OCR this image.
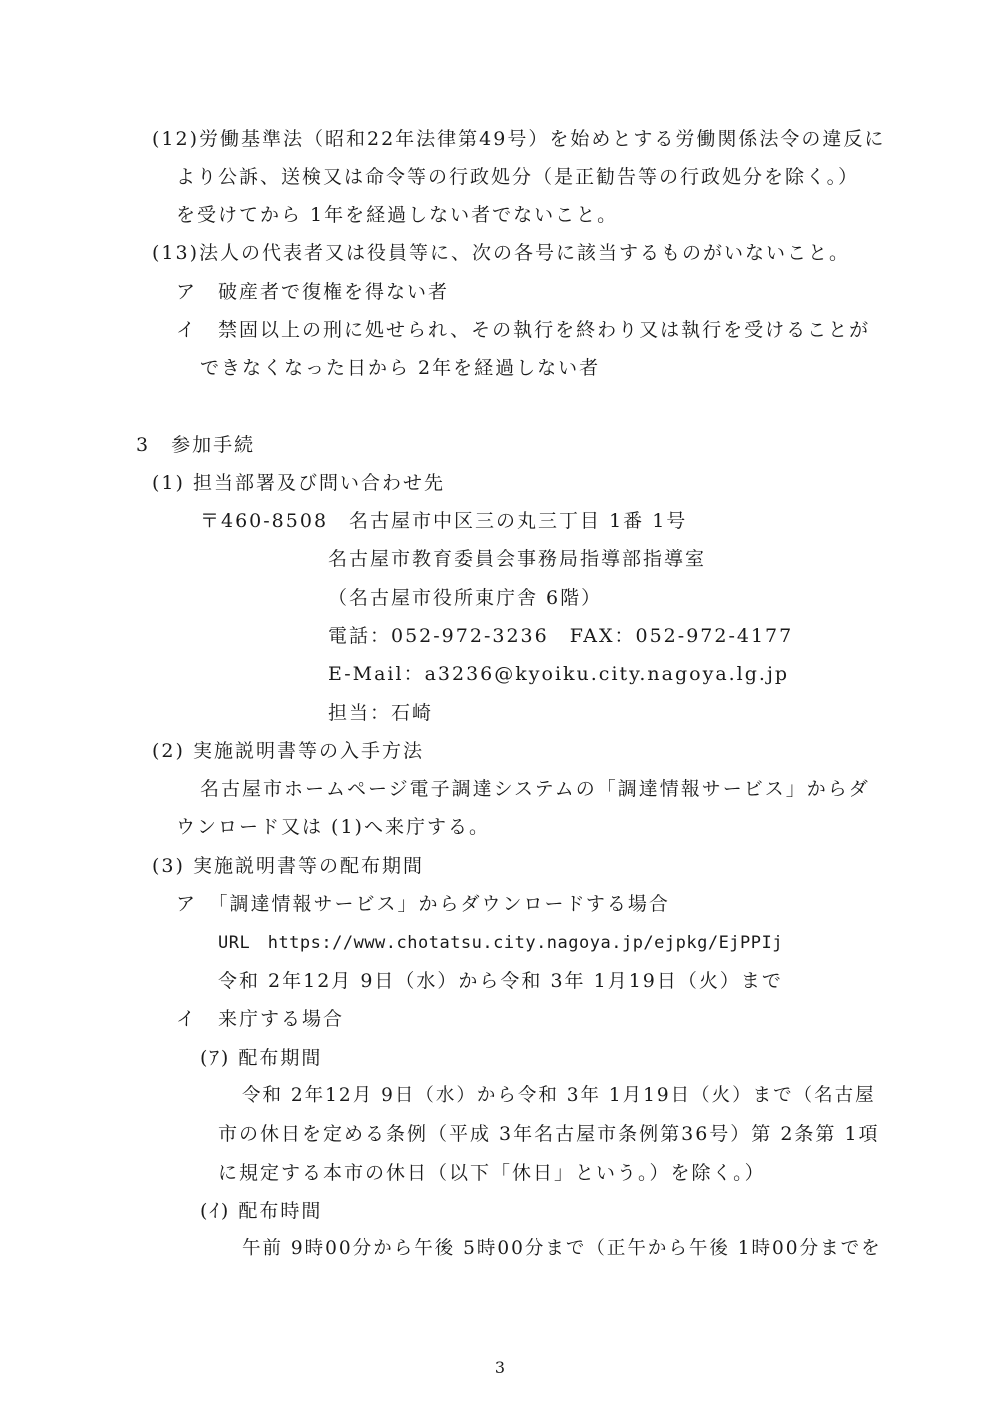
(12)労働基準法（昭和22年法律第49号）を始めとする労働関係法令の違反に
より公訴、送検又は命令等の行政処分（是正勧告等の行政処分を除く。）
を受けてから 1年を経過しない者でないこと。
(13)法人の代表者又は役員等に、次の各号に該当するものがいないこと。
ア　破産者で復権を得ない者
イ　禁固以上の刑に処せられ、その執行を終わり又は執行を受けることが
できなくなった日から 2年を経過しない者
3　参加手続
(1) 担当部署及び問い合わせ先
〒460-8508　名古屋市中区三の丸三丁目 1番 1号
名古屋市教育委員会事務局指導部指導室
（名古屋市役所東庁舎 6階）
電話：052-972-3236　FAX：052-972-4177
E-Mail：a3236@kyoiku.city.nagoya.lg.jp
担当：石崎
(2) 実施説明書等の入手方法
名古屋市ホームページ電子調達システムの「調達情報サービス」からダ
ウンロード又は (1)へ来庁する。
(3) 実施説明書等の配布期間
ア　「調達情報サービス」からダウンロードする場合
URL　https://www.chotatsu.city.nagoya.jp/ejpkg/EjPPIj
令和 2年12月 9日（水）から令和 3年 1月19日（火）まで
イ　来庁する場合
(ｱ) 配布期間
令和 2年12月 9日（水）から令和 3年 1月19日（火）まで（名古屋
市の休日を定める条例（平成 3年名古屋市条例第36号）第 2条第 1項
に規定する本市の休日（以下「休日」という。）を除く。）
(ｲ) 配布時間
午前 9時00分から午後 5時00分まで（正午から午後 1時00分までを
3
